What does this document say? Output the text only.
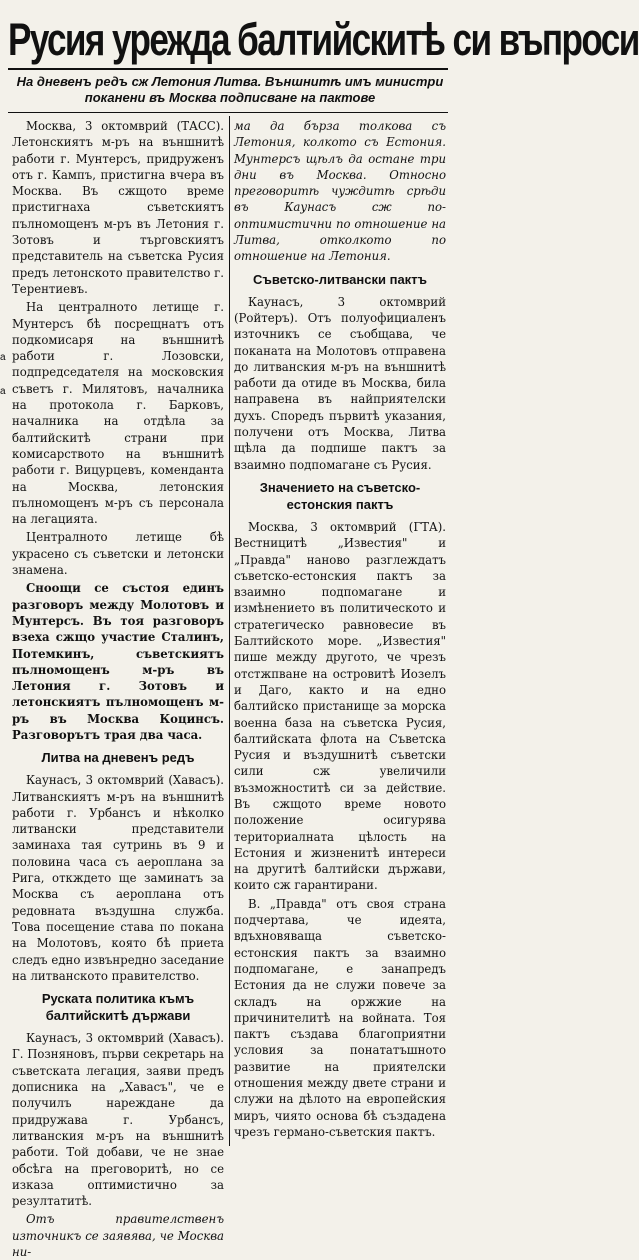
Русия урежда балтийскитѣ си въпроси
На дневенъ редъ сж Летония Литва. Външнитѣ имъ министри поканени въ Москва подписване на пактове
а
а

Москва, 3 октомврий (ТАСС). Летонскиятъ м-ръ на външнитѣ работи г. Мунтерсъ, придруженъ отъ г. Кампъ, пристигна вчера въ Москва. Въ сжщото време пристигнаха съветскиятъ пълномощенъ м-ръ въ Летония г. Зотовъ и търговскиятъ представитель на съветска Русия предъ летонското правителство г. Терентиевъ.

На централното летище г. Мунтерсъ бѣ посрещнатъ отъ подкомисаря на външнитѣ работи г. Лозовски, подпредседателя на московския съветъ г. Милятовъ, началника на протокола г. Барковъ, началника на отдѣла за балтийскитѣ страни при комисарството на външнитѣ работи г. Вицурцевъ, коменданта на Москва, летонския пълномощенъ м-ръ съ персонала на легацията.

Централното летище бѣ украсено съ съветски и летонски знамена.

Сноощи се състоя единъ разговоръ между Молотовъ и Мунтерсъ. Въ тоя разговоръ взеха сжщо участие Сталинъ, Потемкинъ, съветскиятъ пълномощенъ м-ръ въ Летония г. Зотовъ и летонскиятъ пълномощенъ м-ръ въ Москва Коцинсъ. Разговорътъ трая два часа.

Литва на дневенъ редъ

Каунасъ, 3 октомврий (Хавасъ). Литванскиятъ м-ръ на външнитѣ работи г. Урбансъ и нѣколко литвански представители заминаха тая сутринь въ 9 и половина часа съ аероплана за Рига, откждето ще заминатъ за Москва съ аероплана отъ редовната въздушна служба. Това посещение става по покана на Молотовъ, която бѣ приета следъ едно извънредно заседание на литванското правителство.

Руската политика къмъ балтийскитѣ държави

Каунасъ, 3 октомврий (Хавасъ). Г. Позняновъ, първи секретарь на съветската легация, заяви предъ дописника на „Хавасъ", че е получилъ нареждане да придружава г. Урбансъ, литванския м-ръ на външнитѣ работи. Той добави, че не знае обсѣга на преговоритѣ, но се изказа оптимистично за резултатитѣ.

Отъ правителственъ източникъ се заявява, че Москва ни-

ма да бърза толкова съ Летония, колкото съ Естония. Мунтерсъ щѣлъ да остане три дни въ Москва. Относно преговоритѣ чуждитѣ срѣди въ Каунасъ сж по-оптимистични по отношение на Литва, отколкото по отношение на Летония.

Съветско-литвански пактъ

Каунасъ, 3 октомврий (Ройтеръ). Отъ полуофициаленъ източникъ се съобщава, че поканата на Молотовъ отправена до литванския м-ръ на външнитѣ работи да отиде въ Москва, била направена въ найприятелски духъ. Споредъ първитѣ указания, получени отъ Москва, Литва щѣла да подпише пактъ за взаимно подпомагане съ Русия.

Значението на съветско-естонския пактъ

Москва, 3 октомврий (ГТА). Вестницитѣ „Известия" и „Правда" наново разглеждатъ съветско-естонския пактъ за взаимно подпомагане и измѣнението въ политическото и стратегическо равновесие въ Балтийското море. „Известия" пише между другото, че чрезъ отстжпване на островитѣ Иозелъ и Даго, както и на едно балтийско пристанище за морска военна база на съветска Русия, балтийската флота на Съветска Русия и въздушнитѣ съветски сили сж увеличили възможноститѣ си за действие. Въ сжщото време новото положение осигурява териториалната цѣлость на Естония и жизненитѣ интереси на другитѣ балтийски държави, които сж гарантирани.

В. „Правда" отъ своя страна подчертава, че идеята, вдъхновяваща съветско-естонския пактъ за взаимно подпомагане, е занапредъ Естония да не служи повече за складъ на оржжие на причинителитѣ на войната. Тоя пактъ създава благоприятни условия за понататъшното развитие на приятелски отношения между двете страни и служи на дѣлото на европейския миръ, чиято основа бѣ създадена чрезъ германо-съветския пактъ.
